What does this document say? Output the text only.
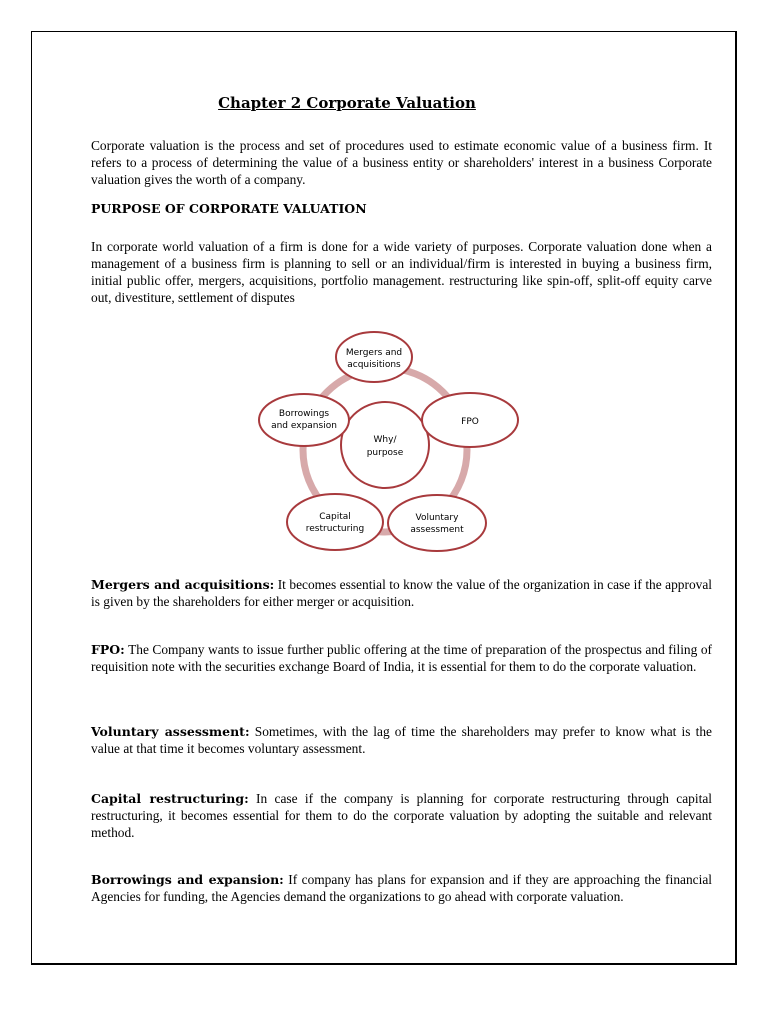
Chapter 2 Corporate Valuation

Corporate valuation is the process and set of procedures used to estimate economic value of a business firm. It refers to a process of determining the value of a business entity or shareholders' interest in a business Corporate valuation gives the worth of a company.

PURPOSE OF CORPORATE VALUATION

In corporate world valuation of a firm is done for a wide variety of purposes. Corporate valuation done when a management of a business firm is planning to sell or an individual/firm is interested in buying a business firm, initial public offer, mergers, acquisitions, portfolio management. restructuring like spin-off, split-off equity carve out, divestiture, settlement of disputes

Why/
purpose
Mergers and
acquisitions
FPO
Voluntary
assessment
Capital
restructuring
Borrowings
and expansion

Mergers and acquisitions: It becomes essential to know the value of the organization in case if the approval is given by the shareholders for either merger or acquisition.

FPO: The Company wants to issue further public offering at the time of preparation of the prospectus and filing of requisition note with the securities exchange Board of India, it is essential for them to do the corporate valuation.

Voluntary assessment: Sometimes, with the lag of time the shareholders may prefer to know what is the value at that time it becomes voluntary assessment.

Capital restructuring: In case if the company is planning for corporate restructuring through capital restructuring, it becomes essential for them to do the corporate valuation by adopting the suitable and relevant method.

Borrowings and expansion: If company has plans for expansion and if they are approaching the financial Agencies for funding, the Agencies demand the organizations to go ahead with corporate valuation.
